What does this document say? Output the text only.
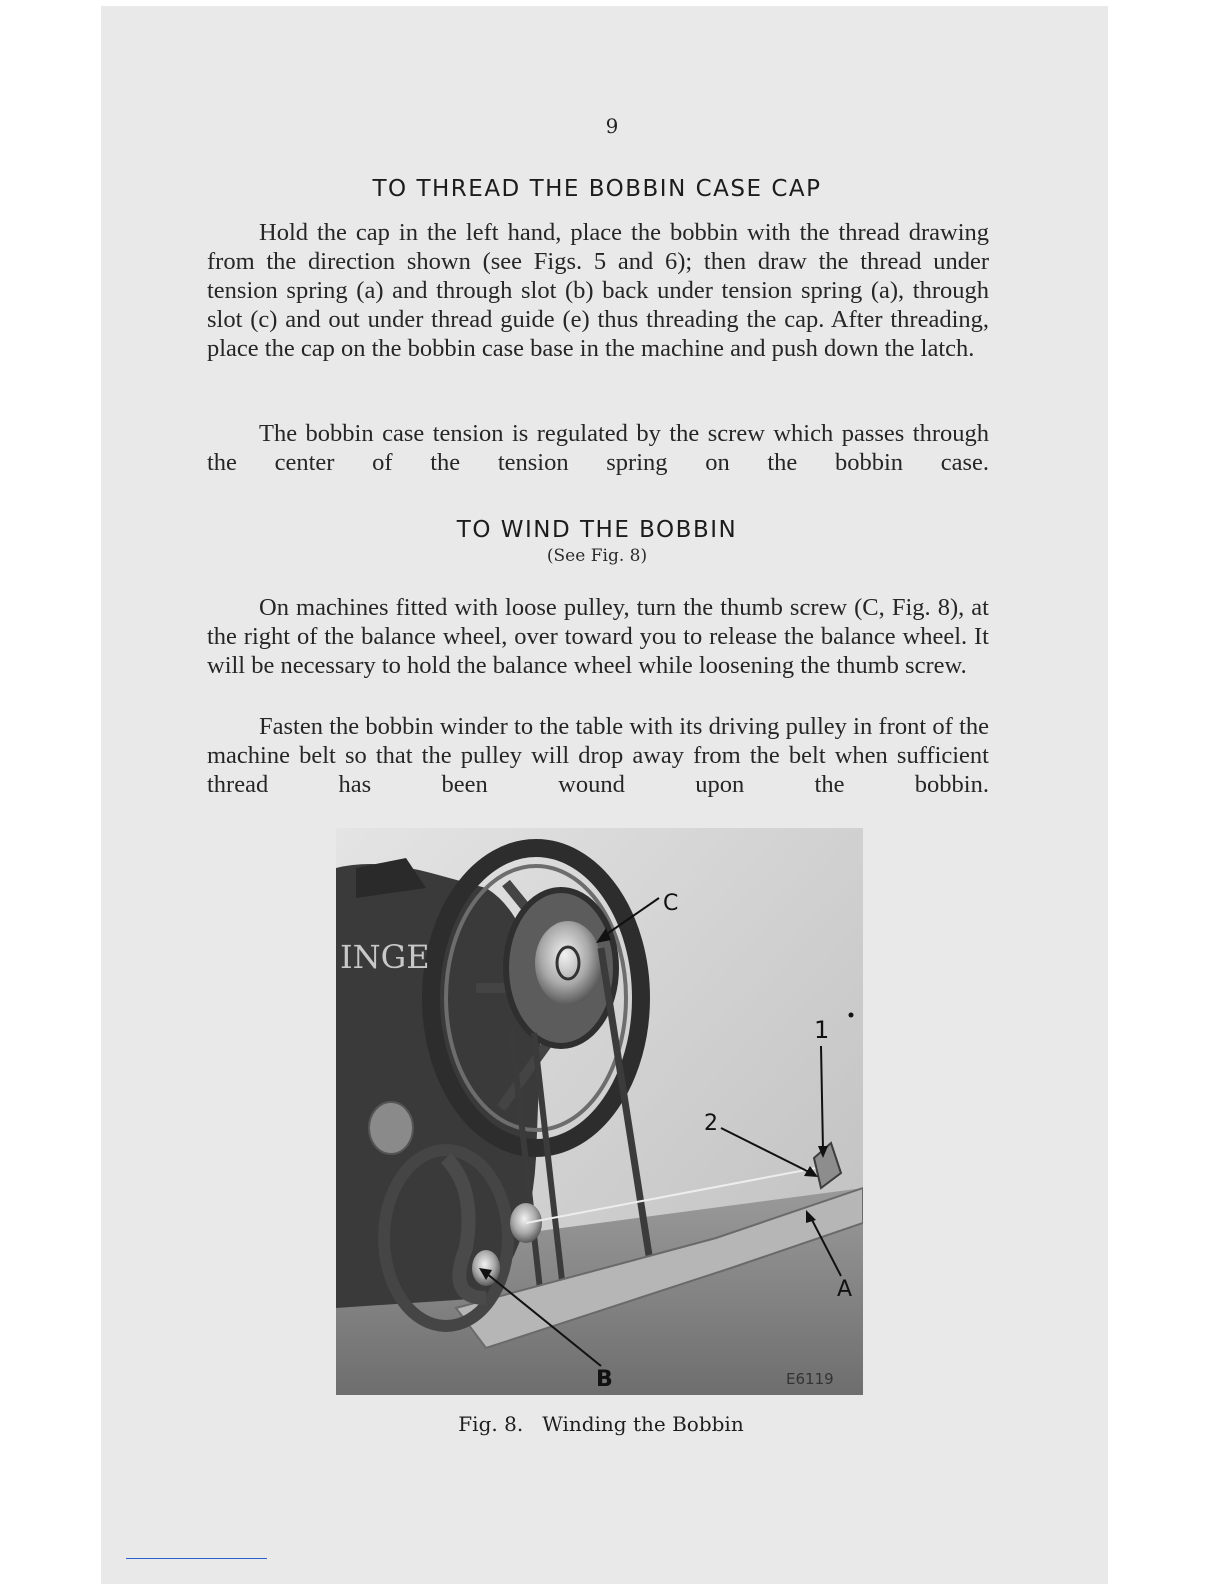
9
TO THREAD THE BOBBIN CASE CAP

Hold the cap in the left hand, place the bobbin with the thread drawing from the direction shown (see Figs. 5 and 6); then draw the thread under tension spring (a) and through slot (b) back under tension spring (a), through slot (c) and out under thread guide (e) thus threading the cap. After threading, place the cap on the bobbin case base in the machine and push down the latch.

The bobbin case tension is regulated by the screw which passes through the center of the tension spring on the bobbin case.

TO WIND THE BOBBIN
(See Fig. 8)

On machines fitted with loose pulley, turn the thumb screw (C, Fig. 8), at the right of the balance wheel, over toward you to release the balance wheel. It will be necessary to hold the balance wheel while loosening the thumb screw.

Fasten the bobbin winder to the table with its driving pulley in front of the machine belt so that the pulley will drop away from the belt when sufficient thread has been wound upon the bobbin.

C
1
2
A
B
INGE
E6119
Fig. 8.   Winding the Bobbin
